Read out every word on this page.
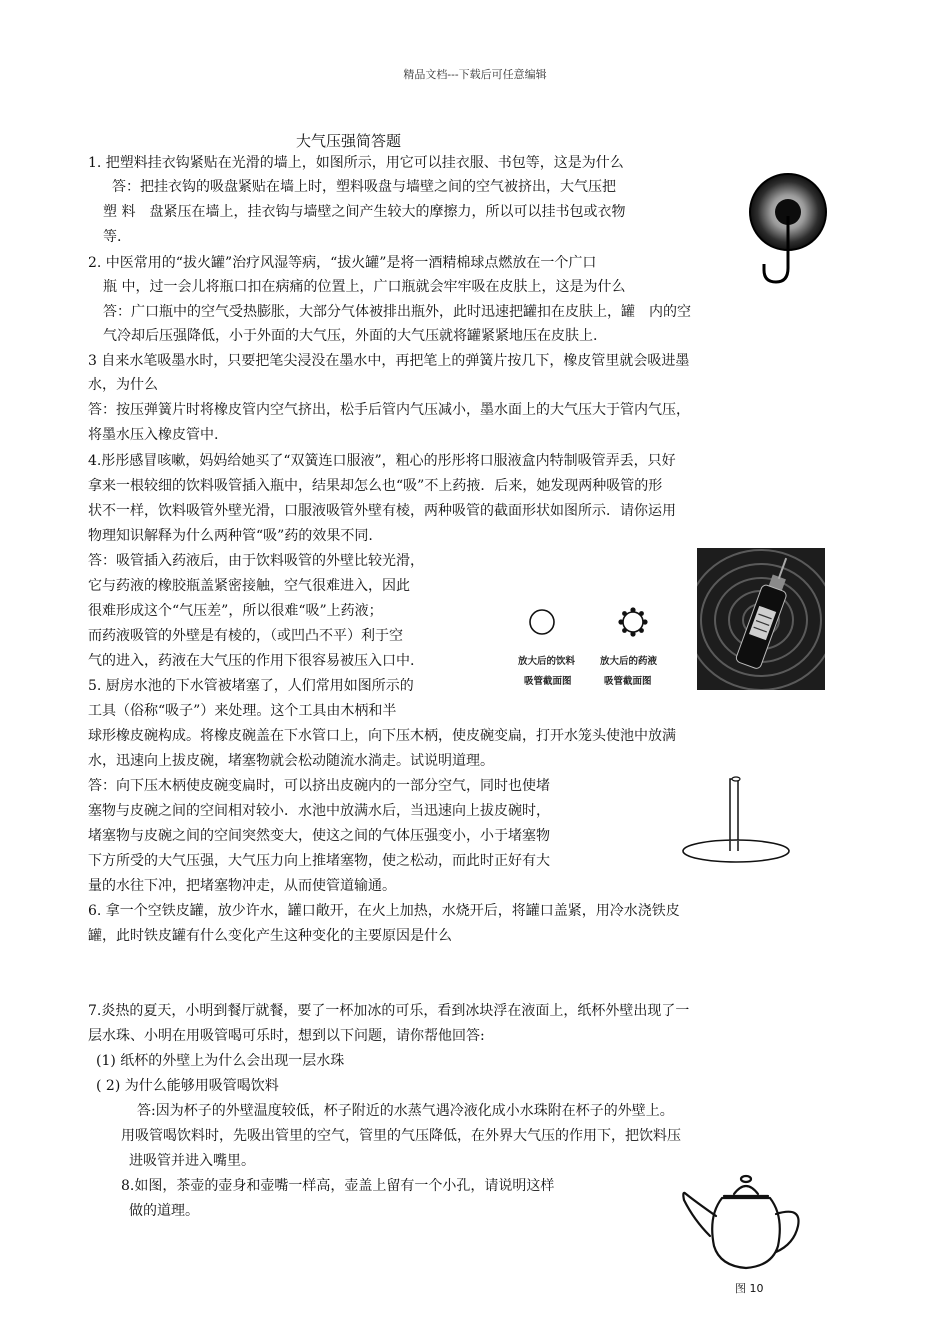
精品文档---下载后可任意编辑
大气压强简答题
1. 把塑料挂衣钩紧贴在光滑的墙上，如图所示，用它可以挂衣服、书包等，这是为什么
答：把挂衣钩的吸盘紧贴在墙上时，塑料吸盘与墙壁之间的空气被挤出，大气压把
塑 料　盘紧压在墙上，挂衣钩与墙壁之间产生较大的摩擦力，所以可以挂书包或衣物
等.
2. 中医常用的“拔火罐”治疗风湿等病，“拔火罐”是将一酒精棉球点燃放在一个广口
瓶 中，过一会儿将瓶口扣在病痛的位置上，广口瓶就会牢牢吸在皮肤上，这是为什么
答：广口瓶中的空气受热膨胀，大部分气体被排出瓶外，此时迅速把罐扣在皮肤上，罐　内的空
气冷却后压强降低，小于外面的大气压，外面的大气压就将罐紧紧地压在皮肤上.
3 自来水笔吸墨水时，只要把笔尖浸没在墨水中，再把笔上的弹簧片按几下，橡皮管里就会吸进墨
水，为什么
答：按压弹簧片时将橡皮管内空气挤出，松手后管内气压减小，墨水面上的大气压大于管内气压，
将墨水压入橡皮管中.
4.彤彤感冒咳嗽，妈妈给她买了“双簧连口服液”，粗心的彤彤将口服液盒内特制吸管弄丢，只好
拿来一根较细的饮料吸管插入瓶中，结果却怎么也“吸”不上药掖．后来，她发现两种吸管的形
状不一样，饮料吸管外壁光滑，口服液吸管外壁有棱，两种吸管的截面形状如图所示．请你运用
物理知识解释为什么两种管“吸”药的效果不同.
答：吸管插入药液后，由于饮料吸管的外壁比较光滑，
它与药液的橡胶瓶盖紧密接触，空气很难进入，因此
很难形成这个“气压差”，所以很难“吸”上药液；
而药液吸管的外壁是有棱的，（或凹凸不平）利于空
气的进入，药液在大气压的作用下很容易被压入口中.
5. 厨房水池的下水管被堵塞了，人们常用如图所示的
工具（俗称“吸子”）来处理。这个工具由木柄和半
球形橡皮碗构成。将橡皮碗盖在下水管口上，向下压木柄，使皮碗变扁，打开水笼头使池中放满
水，迅速向上拔皮碗，堵塞物就会松动随流水淌走。试说明道理。
答：向下压木柄使皮碗变扁时，可以挤出皮碗内的一部分空气，同时也使堵
塞物与皮碗之间的空间相对较小．水池中放满水后，当迅速向上拔皮碗时，
堵塞物与皮碗之间的空间突然变大，使这之间的气体压强变小，小于堵塞物
下方所受的大气压强，大气压力向上推堵塞物，使之松动，而此时正好有大
量的水往下冲，把堵塞物冲走，从而使管道输通。
6. 拿一个空铁皮罐，放少许水，罐口敞开，在火上加热，水烧开后，将罐口盖紧，用冷水浇铁皮
罐，此时铁皮罐有什么变化产生这种变化的主要原因是什么
7.炎热的夏天，小明到餐厅就餐，要了一杯加冰的可乐，看到冰块浮在液面上，纸杯外壁出现了一
层水珠、小明在用吸管喝可乐时，想到以下问题，请你帮他回答:
(1) 纸杯的外壁上为什么会出现一层水珠
( 2) 为什么能够用吸管喝饮料
答:因为杯子的外壁温度较低，杯子附近的水蒸气遇冷液化成小水珠附在杯子的外壁上。
用吸管喝饮料时，先吸出管里的空气，管里的气压降低，在外界大气压的作用下，把饮料压
进吸管并进入嘴里。
8.如图，茶壶的壶身和壶嘴一样高，壶盖上留有一个小孔，请说明这样
做的道理。
放大后的饮料
吸管截面图
放大后的药液
吸管截面图
图 10
